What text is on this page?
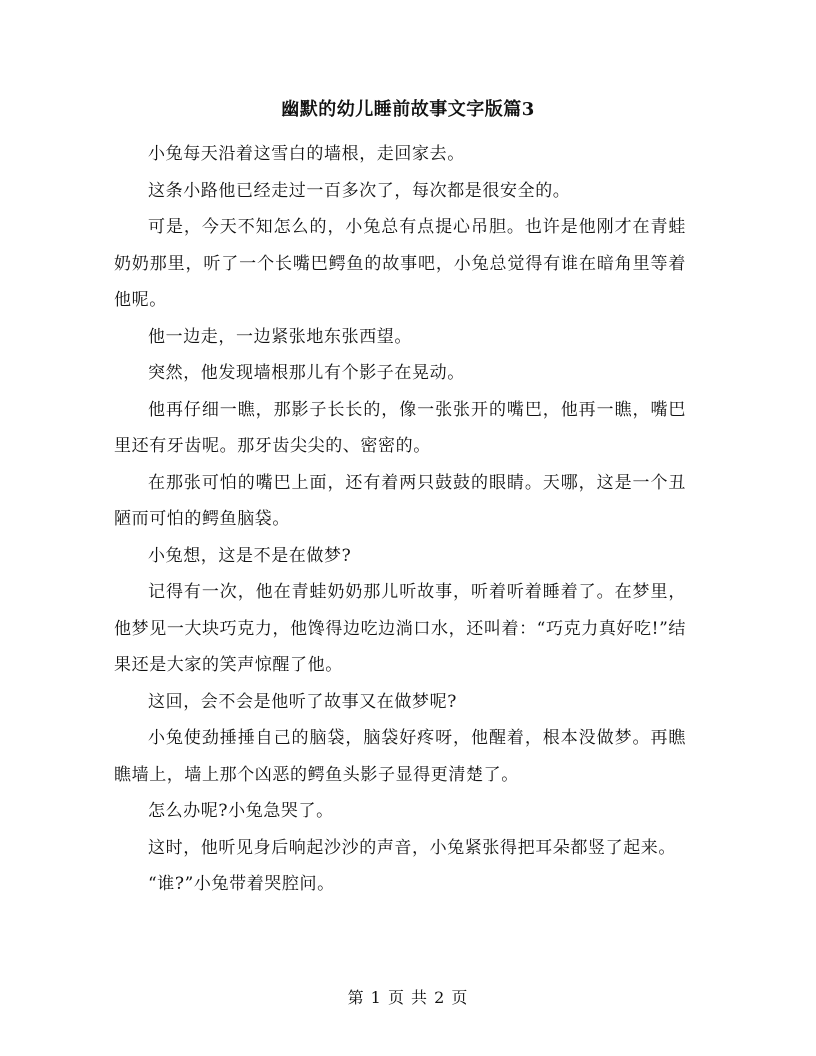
幽默的幼儿睡前故事文字版篇3

小兔每天沿着这雪白的墙根，走回家去。

这条小路他已经走过一百多次了，每次都是很安全的。

可是，今天不知怎么的，小兔总有点提心吊胆。也许是他刚才在青蛙奶奶那里，听了一个长嘴巴鳄鱼的故事吧，小兔总觉得有谁在暗角里等着他呢。

他一边走，一边紧张地东张西望。

突然，他发现墙根那儿有个影子在晃动。

他再仔细一瞧，那影子长长的，像一张张开的嘴巴，他再一瞧，嘴巴里还有牙齿呢。那牙齿尖尖的、密密的。

在那张可怕的嘴巴上面，还有着两只鼓鼓的眼睛。天哪，这是一个丑陋而可怕的鳄鱼脑袋。

小兔想，这是不是在做梦?

记得有一次，他在青蛙奶奶那儿听故事，听着听着睡着了。在梦里，他梦见一大块巧克力，他馋得边吃边淌口水，还叫着：“巧克力真好吃!”结果还是大家的笑声惊醒了他。

这回，会不会是他听了故事又在做梦呢?

小兔使劲捶捶自己的脑袋，脑袋好疼呀，他醒着，根本没做梦。再瞧瞧墙上，墙上那个凶恶的鳄鱼头影子显得更清楚了。

怎么办呢?小兔急哭了。

这时，他听见身后响起沙沙的声音，小兔紧张得把耳朵都竖了起来。

“谁?”小兔带着哭腔问。

第 1 页 共 2 页
